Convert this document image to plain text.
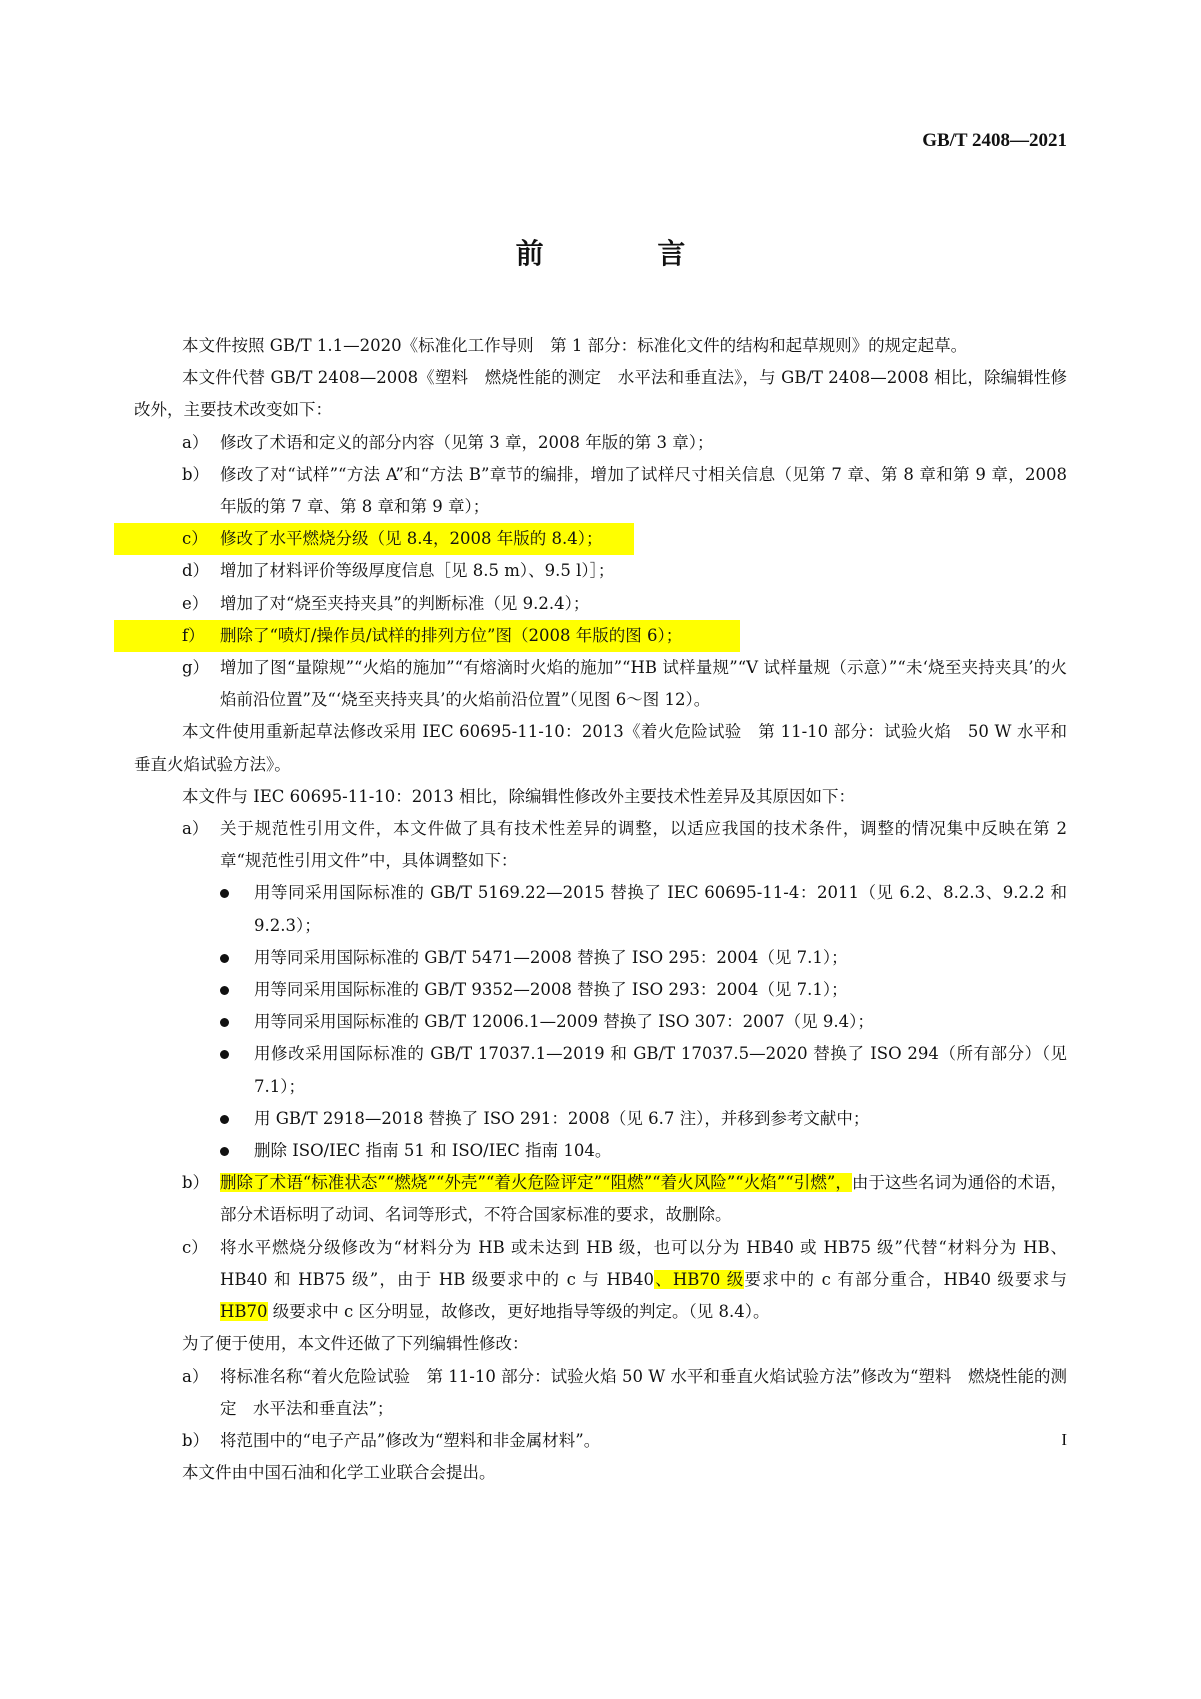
GB/T 2408—2021
前 言

本文件按照 GB/T 1.1—2020《标准化工作导则　第 1 部分：标准化文件的结构和起草规则》的规定起草。

本文件代替 GB/T 2408—2008《塑料　燃烧性能的测定　水平法和垂直法》，与 GB/T 2408—2008 相比，除编辑性修改外，主要技术改变如下：

a） 修改了术语和定义的部分内容（见第 3 章，2008 年版的第 3 章）；
b） 修改了对“试样”“方法 A”和“方法 B”章节的编排，增加了试样尺寸相关信息（见第 7 章、第 8 章和第 9 章，2008 年版的第 7 章、第 8 章和第 9 章）；
c） 修改了水平燃烧分级（见 8.4，2008 年版的 8.4）；
d） 增加了材料评价等级厚度信息［见 8.5 m）、9.5 l）］；
e） 增加了对“烧至夹持夹具”的判断标准（见 9.2.4）；
f） 删除了“喷灯/操作员/试样的排列方位”图（2008 年版的图 6）；
g） 增加了图“量隙规”“火焰的施加”“有熔滴时火焰的施加”“HB 试样量规”“V 试样量规（示意）”“未‘烧至夹持夹具’的火焰前沿位置”及“‘烧至夹持夹具’的火焰前沿位置”（见图 6～图 12）。

本文件使用重新起草法修改采用 IEC 60695-11-10：2013《着火危险试验　第 11-10 部分：试验火焰　50 W 水平和垂直火焰试验方法》。

本文件与 IEC 60695-11-10：2013 相比，除编辑性修改外主要技术性差异及其原因如下：

a） 关于规范性引用文件，本文件做了具有技术性差异的调整，以适应我国的技术条件，调整的情况集中反映在第 2 章“规范性引用文件”中，具体调整如下：
用等同采用国际标准的 GB/T 5169.22—2015 替换了 IEC 60695-11-4：2011（见 6.2、8.2.3、9.2.2 和 9.2.3）；
用等同采用国际标准的 GB/T 5471—2008 替换了 ISO 295：2004（见 7.1）；
用等同采用国际标准的 GB/T 9352—2008 替换了 ISO 293：2004（见 7.1）；
用等同采用国际标准的 GB/T 12006.1—2009 替换了 ISO 307：2007（见 9.4）；
用修改采用国际标准的 GB/T 17037.1—2019 和 GB/T 17037.5—2020 替换了 ISO 294（所有部分）（见 7.1）；
用 GB/T 2918—2018 替换了 ISO 291：2008（见 6.7 注），并移到参考文献中；
删除 ISO/IEC 指南 51 和 ISO/IEC 指南 104。
b） 删除了术语“标准状态”“燃烧”“外壳”“着火危险评定”“阻燃”“着火风险”“火焰”“引燃”，由于这些名词为通俗的术语，部分术语标明了动词、名词等形式，不符合国家标准的要求，故删除。
c） 将水平燃烧分级修改为“材料分为 HB 或未达到 HB 级，也可以分为 HB40 或 HB75 级”代替“材料分为 HB、HB40 和 HB75 级”，由于 HB 级要求中的 c 与 HB40、HB70 级要求中的 c 有部分重合，HB40 级要求与 HB70 级要求中 c 区分明显，故修改，更好地指导等级的判定。（见 8.4）。

为了便于使用，本文件还做了下列编辑性修改：

a） 将标准名称“着火危险试验　第 11-10 部分：试验火焰 50 W 水平和垂直火焰试验方法”修改为“塑料　燃烧性能的测定　水平法和垂直法”；
b） 将范围中的“电子产品”修改为“塑料和非金属材料”。

本文件由中国石油和化学工业联合会提出。

I
